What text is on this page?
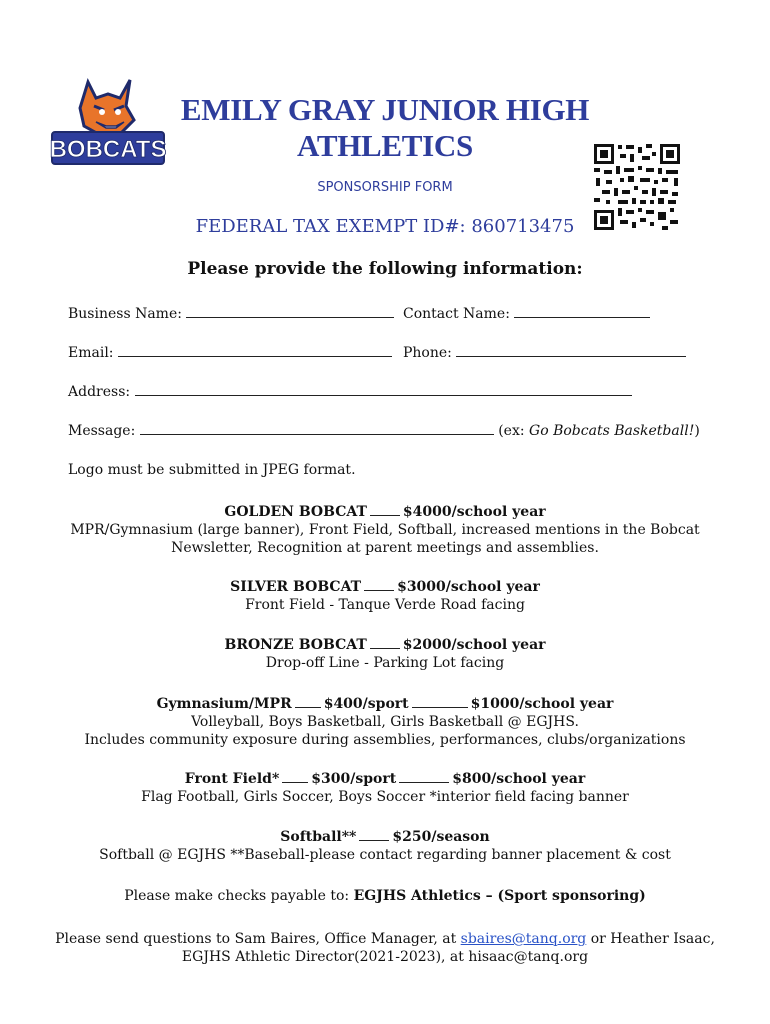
BOBCATS
EMILY GRAY JUNIOR HIGH
ATHLETICS
SPONSORSHIP FORM
FEDERAL TAX EXEMPT ID#: 860713475
Please provide the following information:
Business Name:	Contact Name:
Email:	Phone:
Address:
Message:	(ex: Go Bobcats Basketball!)
Logo must be submitted in JPEG format.
GOLDEN BOBCAT	$4000/school year
MPR/Gymnasium (large banner), Front Field, Softball, increased mentions in the Bobcat
Newsletter, Recognition at parent meetings and assemblies.
SILVER BOBCAT	$3000/school year
Front Field - Tanque Verde Road facing
BRONZE BOBCAT	$2000/school year
Drop-off Line - Parking Lot facing
Gymnasium/MPR $400/sport	$1000/school year
Volleyball, Boys Basketball, Girls Basketball @ EGJHS.
Includes community exposure during assemblies, performances, clubs/organizations
Front Field* $300/sport	$800/school year
Flag Football, Girls Soccer, Boys Soccer *interior field facing banner
Softball**	$250/season
Softball @ EGJHS **Baseball-please contact regarding banner placement & cost
Please make checks payable to: EGJHS Athletics – (Sport sponsoring)
Please send questions to Sam Baires, Office Manager, at sbaires@tanq.org or Heather Isaac,
EGJHS Athletic Director(2021-2023), at hisaac@tanq.org
